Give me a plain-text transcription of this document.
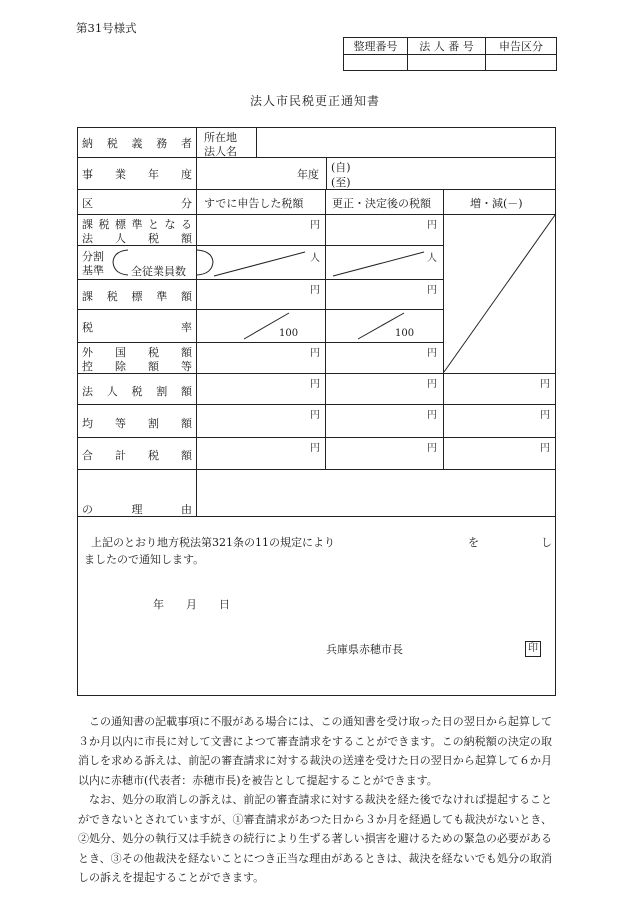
第31号様式
整理番号	法 人 番 号	申告区分

法人市民税更正通知書
納 税 義 務 者 所在地
法人名
事 業 年 度	年度
(自)
(至)
区	分 すでに申告した税額	更正・決定後の税額	増・減(－)
課 税 標 準 と な る
法 人 税 額
円	円
分割
基準 全従業員数
人	人
課 税 標 準 額	円	円
税	率	100	100
外 国 税 額
控 除 額 等
円	円
法 人 税 割 額
円	円	円
均 等 割 額
円	円	円
合 計 税 額
円	円	円
の	理	由
上記のとおり地方税法第321条の11の規定により	を	し
ましたので通知します。
年　　月　　日
兵庫県赤穂市長	印

この通知書の記載事項に不服がある場合には、この通知書を受け取った日の翌日から起算して３か月以内に市長に対して文書によつて審査請求をすることができます。この納税額の決定の取消しを求める訴えは、前記の審査請求に対する裁決の送達を受けた日の翌日から起算して６か月以内に赤穂市(代表者：赤穂市長)を被告として提起することができます。

なお、処分の取消しの訴えは、前記の審査請求に対する裁決を経た後でなければ提起することができないとされていますが、①審査請求があつた日から３か月を経過しても裁決がないとき、②処分、処分の執行又は手続きの続行により生ずる著しい損害を避けるための緊急の必要があるとき、③その他裁決を経ないことにつき正当な理由があるときは、裁決を経ないでも処分の取消しの訴えを提起することができます。
